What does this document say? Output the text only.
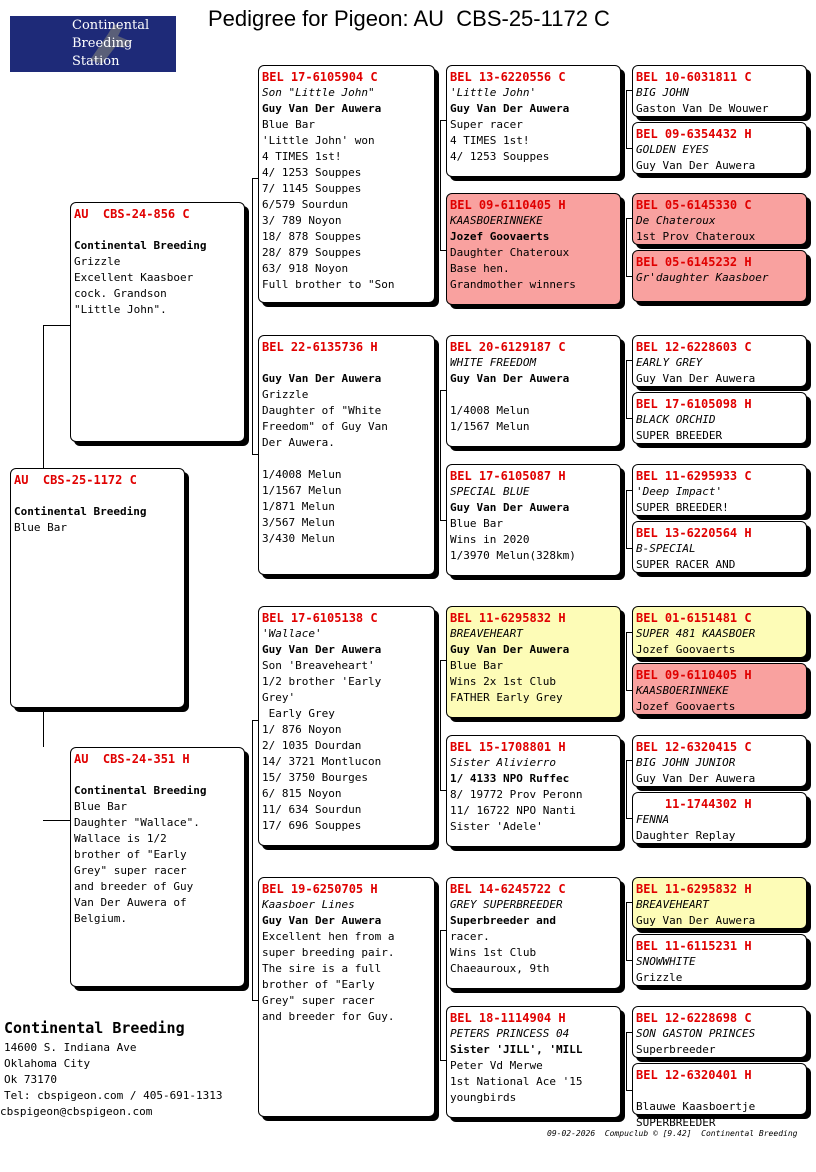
Continental
Breeding
Station
Pedigree for Pigeon: AU  CBS-25-1172 C
AU  CBS-25-1172 C

Continental Breeding
Blue Bar
AU  CBS-24-856 C

Continental Breeding
Grizzle
Excellent Kaasboer
cock. Grandson
"Little John".
AU  CBS-24-351 H

Continental Breeding
Blue Bar
Daughter "Wallace".
Wallace is 1/2
brother of "Early
Grey" super racer
and breeder of Guy
Van Der Auwera of
Belgium.
BEL 17-6105904 C
Son "Little John"
Guy Van Der Auwera
Blue Bar
'Little John' won
4 TIMES 1st!
4/ 1253 Souppes
7/ 1145 Souppes
6/579 Sourdun
3/ 789 Noyon
18/ 878 Souppes
28/ 879 Souppes
63/ 918 Noyon
Full brother to "Son
BEL 22-6135736 H

Guy Van Der Auwera
Grizzle
Daughter of "White
Freedom" of Guy Van
Der Auwera.

1/4008 Melun
1/1567 Melun
1/871 Melun
3/567 Melun
3/430 Melun
BEL 17-6105138 C
'Wallace'
Guy Van Der Auwera
Son 'Breaveheart'
1/2 brother 'Early
Grey'
Early Grey
1/ 876 Noyon
2/ 1035 Dourdan
14/ 3721 Montlucon
15/ 3750 Bourges
6/ 815 Noyon
11/ 634 Sourdun
17/ 696 Souppes
BEL 19-6250705 H
Kaasboer Lines
Guy Van Der Auwera
Excellent hen from a
super breeding pair.
The sire is a full
brother of "Early
Grey" super racer
and breeder for Guy.
BEL 13-6220556 C
'Little John'
Guy Van Der Auwera
Super racer
4 TIMES 1st!
4/ 1253 Souppes
BEL 09-6110405 H
KAASBOERINNEKE
Jozef Goovaerts
Daughter Chateroux
Base hen.
Grandmother winners
BEL 20-6129187 C
WHITE FREEDOM
Guy Van Der Auwera

1/4008 Melun
1/1567 Melun
BEL 17-6105087 H
SPECIAL BLUE
Guy Van Der Auwera
Blue Bar
Wins in 2020
1/3970 Melun(328km)
BEL 11-6295832 H
BREAVEHEART
Guy Van Der Auwera
Blue Bar
Wins 2x 1st Club
FATHER Early Grey
BEL 15-1708801 H
Sister Alivierro
1/ 4133 NPO Ruffec
8/ 19772 Prov Peronn
11/ 16722 NPO Nanti
Sister 'Adele'
BEL 14-6245722 C
GREY SUPERBREEDER
Superbreeder and
racer.
Wins 1st Club
Chaeauroux, 9th
BEL 18-1114904 H
PETERS PRINCESS 04
Sister 'JILL', 'MILL
Peter Vd Merwe
1st National Ace '15
youngbirds
BEL 10-6031811 C
BIG JOHN
Gaston Van De Wouwer
BEL 09-6354432 H
GOLDEN EYES
Guy Van Der Auwera
BEL 05-6145330 C
De Chateroux
1st Prov Chateroux
BEL 05-6145232 H
Gr'daughter Kaasboer
BEL 12-6228603 C
EARLY GREY
Guy Van Der Auwera
BEL 17-6105098 H
BLACK ORCHID
SUPER BREEDER
BEL 11-6295933 C
'Deep Impact'
SUPER BREEDER!
BEL 13-6220564 H
B-SPECIAL
SUPER RACER AND
BEL 01-6151481 C
SUPER 481 KAASBOER
Jozef Goovaerts
BEL 09-6110405 H
KAASBOERINNEKE
Jozef Goovaerts
BEL 12-6320415 C
BIG JOHN JUNIOR
Guy Van Der Auwera
11-1744302 H
FENNA
Daughter Replay
BEL 11-6295832 H
BREAVEHEART
Guy Van Der Auwera
BEL 11-6115231 H
SNOWWHITE
Grizzle
BEL 12-6228698 C
SON GASTON PRINCES
Superbreeder
BEL 12-6320401 H

Blauwe Kaasboertje
SUPERBREEDER
Continental Breeding
14600 S. Indiana Ave
Oklahoma City
Ok 73170
Tel: cbspigeon.com / 405-691-1313
cbspigeon@cbspigeon.com
09-02-2026  Compuclub © [9.42]  Continental Breeding
